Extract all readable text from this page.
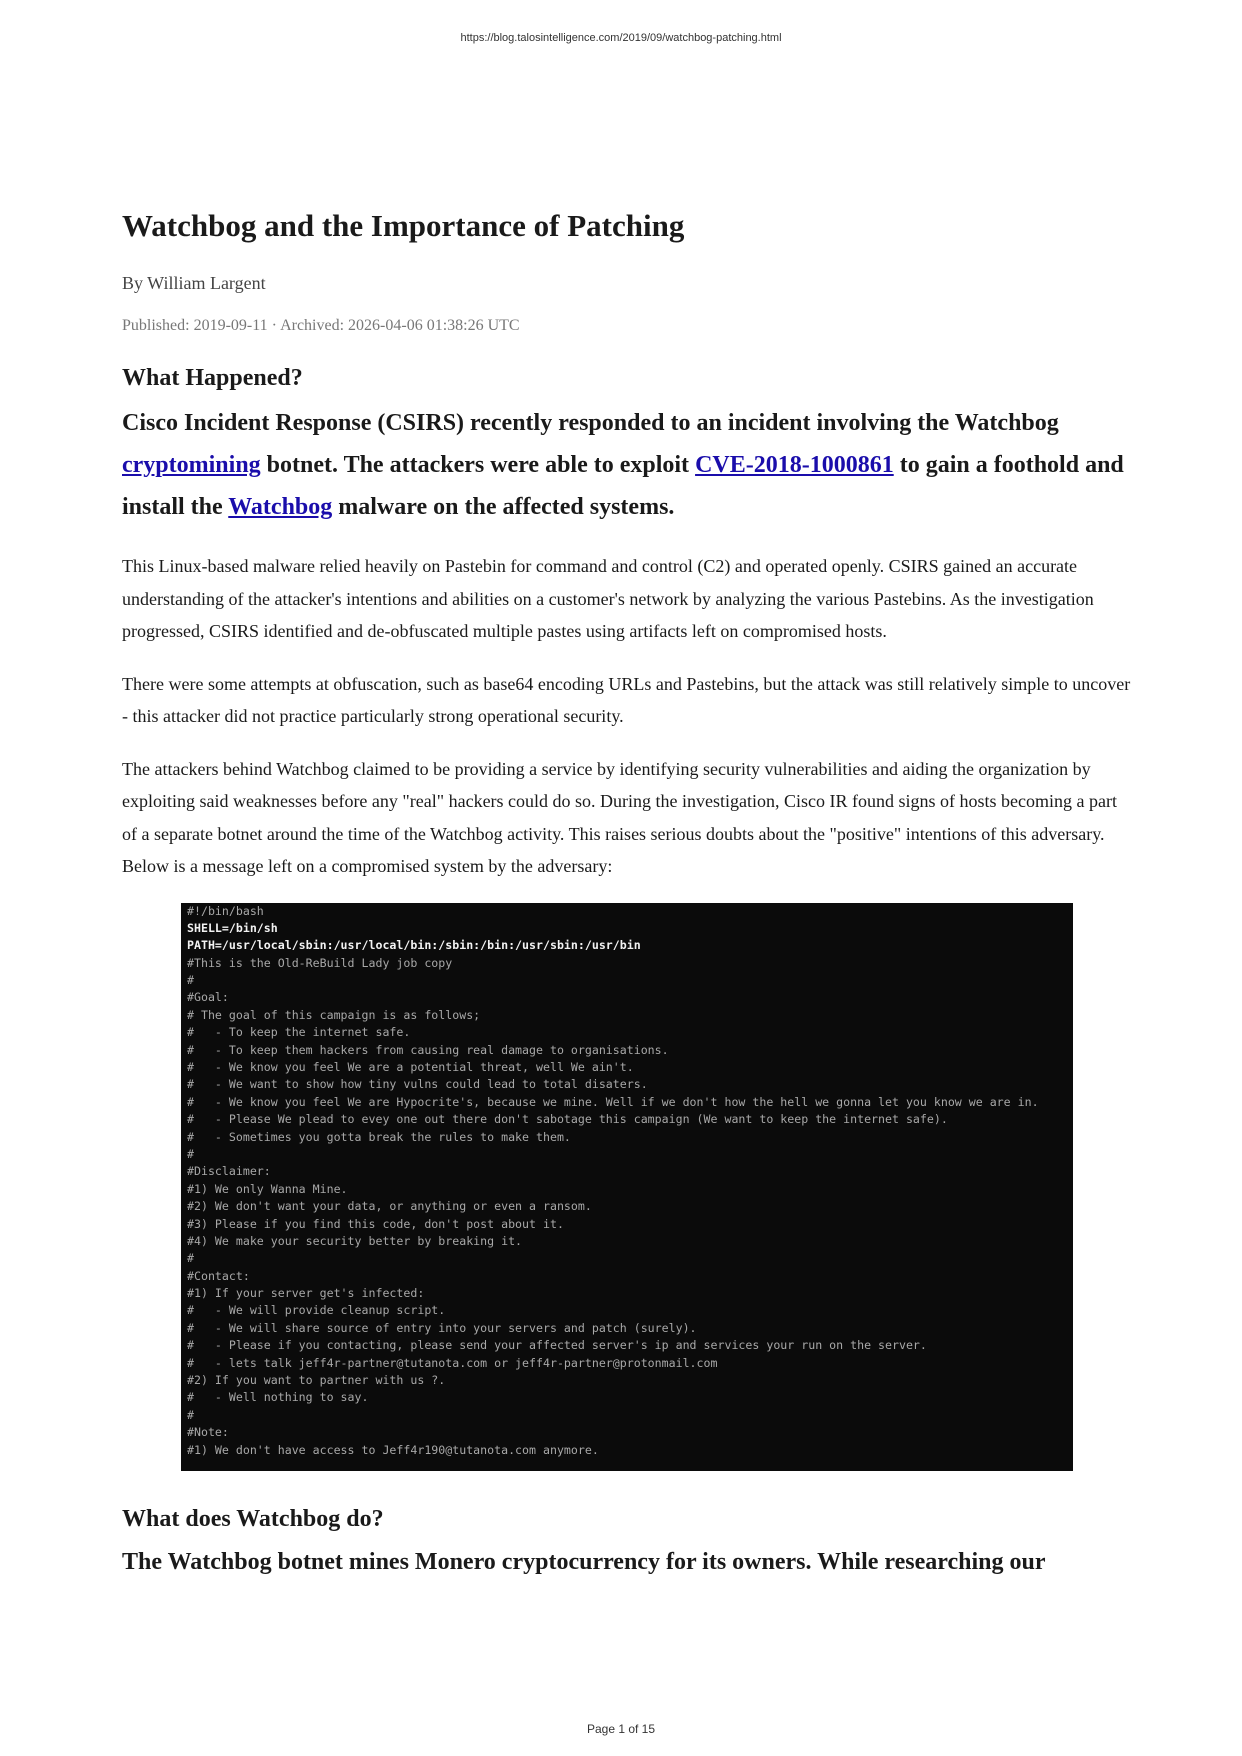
https://blog.talosintelligence.com/2019/09/watchbog-patching.html
Watchbog and the Importance of Patching
By William Largent
Published: 2019-09-11 · Archived: 2026-04-06 01:38:26 UTC
What Happened?
Cisco Incident Response (CSIRS) recently responded to an incident involving the Watchbog cryptomining botnet. The attackers were able to exploit CVE-2018-1000861 to gain a foothold and install the Watchbog malware on the affected systems.

This Linux-based malware relied heavily on Pastebin for command and control (C2) and operated openly. CSIRS gained an accurate understanding of the attacker's intentions and abilities on a customer's network by analyzing the various Pastebins. As the investigation progressed, CSIRS identified and de-obfuscated multiple pastes using artifacts left on compromised hosts.

There were some attempts at obfuscation, such as base64 encoding URLs and Pastebins, but the attack was still relatively simple to uncover - this attacker did not practice particularly strong operational security.

The attackers behind Watchbog claimed to be providing a service by identifying security vulnerabilities and aiding the organization by exploiting said weaknesses before any "real" hackers could do so. During the investigation, Cisco IR found signs of hosts becoming a part of a separate botnet around the time of the Watchbog activity. This raises serious doubts about the "positive" intentions of this adversary. Below is a message left on a compromised system by the adversary:

#!/bin/bash
SHELL=/bin/sh
PATH=/usr/local/sbin:/usr/local/bin:/sbin:/bin:/usr/sbin:/usr/bin
#This is the Old-ReBuild Lady job copy
#
#Goal:
# The goal of this campaign is as follows;
#   - To keep the internet safe.
#   - To keep them hackers from causing real damage to organisations.
#   - We know you feel We are a potential threat, well We ain't.
#   - We want to show how tiny vulns could lead to total disaters.
#   - We know you feel We are Hypocrite's, because we mine. Well if we don't how the hell we gonna let you know we are in.
#   - Please We plead to evey one out there don't sabotage this campaign (We want to keep the internet safe).
#   - Sometimes you gotta break the rules to make them.
#
#Disclaimer:
#1) We only Wanna Mine.
#2) We don't want your data, or anything or even a ransom.
#3) Please if you find this code, don't post about it.
#4) We make your security better by breaking it.
#
#Contact:
#1) If your server get's infected:
#   - We will provide cleanup script.
#   - We will share source of entry into your servers and patch (surely).
#   - Please if you contacting, please send your affected server's ip and services your run on the server.
#   - lets talk jeff4r-partner@tutanota.com or jeff4r-partner@protonmail.com
#2) If you want to partner with us ?.
#   - Well nothing to say.
#
#Note:
#1) We don't have access to Jeff4r190@tutanota.com anymore.
What does Watchbog do?
The Watchbog botnet mines Monero cryptocurrency for its owners. While researching our
Page 1 of 15
